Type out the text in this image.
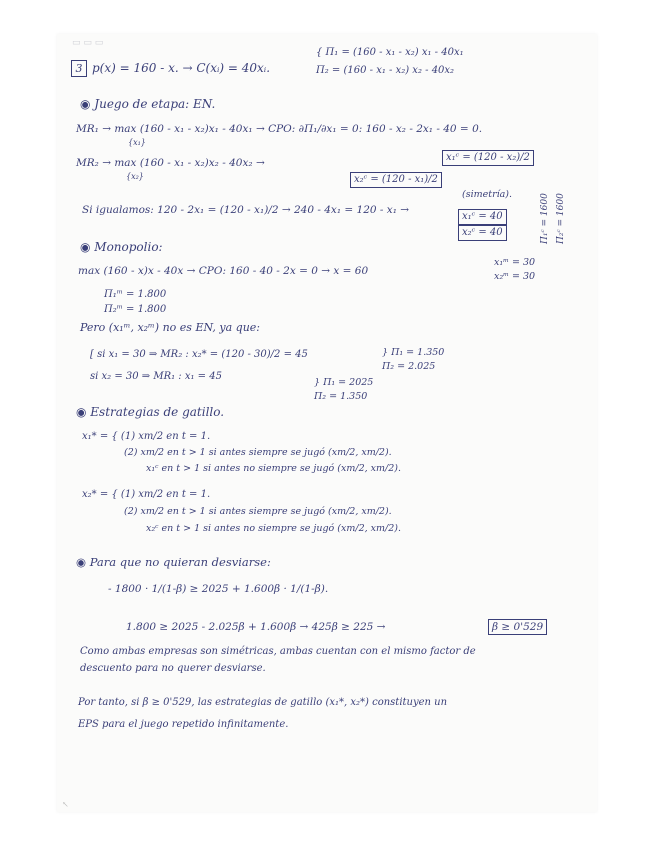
▭ ▭ ▭
3 p(x) = 160 - x. → C(xᵢ) = 40xᵢ.
{ Π₁ = (160 - x₁ - x₂) x₁ - 40x₁
Π₂ = (160 - x₁ - x₂) x₂ - 40x₂
◉ Juego de etapa: EN.
MR₁ → max (160 - x₁ - x₂)x₁ - 40x₁ → CPO: ∂Π₁/∂x₁ = 0: 160 - x₂ - 2x₁ - 40 = 0.
{x₁}
MR₂ → max (160 - x₁ - x₂)x₂ - 40x₂ →
{x₂}	x₂ᶜ = (120 - x₁)/2
x₁ᶜ = (120 - x₂)/2
(simetría).
Si igualamos: 120 - 2x₁ = (120 - x₁)/2 → 240 - 4x₁ = 120 - x₁ →
x₁ᶜ = 40
x₂ᶜ = 40	Π₁ᶜ = 1600 Π₂ᶜ = 1600
◉ Monopolio:
max (160 - x)x - 40x → CPO: 160 - 40 - 2x = 0 → x = 60
x₁ᵐ = 30
x₂ᵐ = 30
Π₁ᵐ = 1.800
Π₂ᵐ = 1.800
Pero (x₁ᵐ, x₂ᵐ) no es EN, ya que:
[ si x₁ = 30 ⇒ MR₂ : x₂* = (120 - 30)/2 = 45
si x₂ = 30 ⇒ MR₁ : x₁ = 45
} Π₁ = 1.350
Π₂ = 2.025
} Π₁ = 2025
Π₂ = 1.350
◉ Estrategias de gatillo.
x₁* = { (1) xm/2 en t = 1.
(2) xm/2 en t > 1 si antes siempre se jugó (xm/2, xm/2).
x₁ᶜ en t > 1 si antes no siempre se jugó (xm/2, xm/2).
x₂* = { (1) xm/2 en t = 1.
(2) xm/2 en t > 1 si antes siempre se jugó (xm/2, xm/2).
x₂ᶜ en t > 1 si antes no siempre se jugó (xm/2, xm/2).
◉ Para que no quieran desviarse:
- 1800 · 1/(1-β) ≥ 2025 + 1.600β · 1/(1-β).
1.800 ≥ 2025 - 2.025β + 1.600β → 425β ≥ 225 →	β ≥ 0'529
Como ambas empresas son simétricas, ambas cuentan con el mismo factor de
descuento para no querer desviarse.
Por tanto, si β ≥ 0'529, las estrategias de gatillo (x₁*, x₂*) constituyen un
EPS para el juego repetido infinitamente.
↖
